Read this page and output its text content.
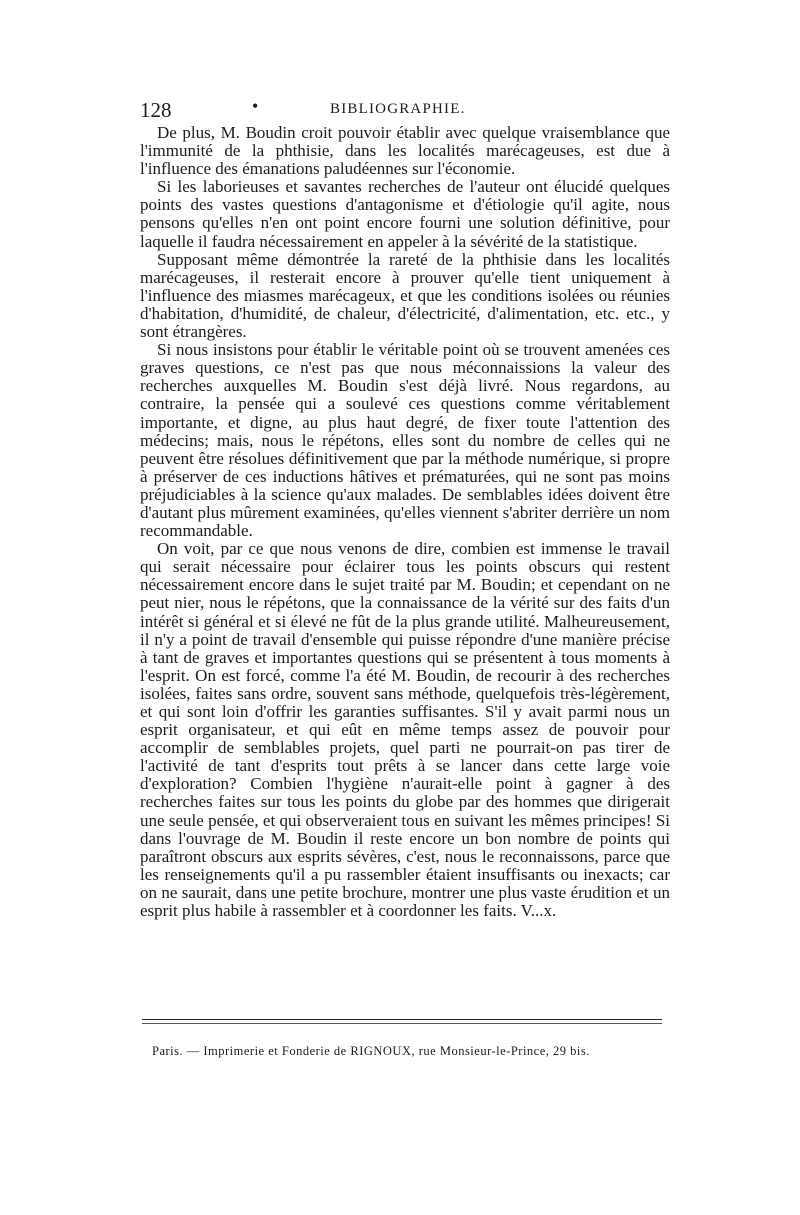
128	•	BIBLIOGRAPHIE.

De plus, M. Boudin croit pouvoir établir avec quelque vraisemblance que l'immunité de la phthisie, dans les localités marécageuses, est due à l'influence des émanations paludéennes sur l'économie.

Si les laborieuses et savantes recherches de l'auteur ont élucidé quelques points des vastes questions d'antagonisme et d'étiologie qu'il agite, nous pensons qu'elles n'en ont point encore fourni une solution définitive, pour laquelle il faudra nécessairement en appeler à la sévérité de la statistique.

Supposant même démontrée la rareté de la phthisie dans les localités marécageuses, il resterait encore à prouver qu'elle tient uniquement à l'influence des miasmes marécageux, et que les conditions isolées ou réunies d'habitation, d'humidité, de chaleur, d'électricité, d'alimentation, etc. etc., y sont étrangères.

Si nous insistons pour établir le véritable point où se trouvent amenées ces graves questions, ce n'est pas que nous méconnaissions la valeur des recherches auxquelles M. Boudin s'est déjà livré. Nous regardons, au contraire, la pensée qui a soulevé ces questions comme véritablement importante, et digne, au plus haut degré, de fixer toute l'attention des médecins; mais, nous le répétons, elles sont du nombre de celles qui ne peuvent être résolues définitivement que par la méthode numérique, si propre à préserver de ces inductions hâtives et prématurées, qui ne sont pas moins préjudiciables à la science qu'aux malades. De semblables idées doivent être d'autant plus mûrement examinées, qu'elles viennent s'abriter derrière un nom recommandable.

On voit, par ce que nous venons de dire, combien est immense le travail qui serait nécessaire pour éclairer tous les points obscurs qui restent nécessairement encore dans le sujet traité par M. Boudin; et cependant on ne peut nier, nous le répétons, que la connaissance de la vérité sur des faits d'un intérêt si général et si élevé ne fût de la plus grande utilité. Malheureusement, il n'y a point de travail d'ensemble qui puisse répondre d'une manière précise à tant de graves et importantes questions qui se présentent à tous moments à l'esprit. On est forcé, comme l'a été M. Boudin, de recourir à des recherches isolées, faites sans ordre, souvent sans méthode, quelquefois très-légèrement, et qui sont loin d'offrir les garanties suffisantes. S'il y avait parmi nous un esprit organisateur, et qui eût en même temps assez de pouvoir pour accomplir de semblables projets, quel parti ne pourrait-on pas tirer de l'activité de tant d'esprits tout prêts à se lancer dans cette large voie d'exploration? Combien l'hygiène n'aurait-elle point à gagner à des recherches faites sur tous les points du globe par des hommes que dirigerait une seule pensée, et qui observeraient tous en suivant les mêmes principes! Si dans l'ouvrage de M. Boudin il reste encore un bon nombre de points qui paraîtront obscurs aux esprits sévères, c'est, nous le reconnaissons, parce que les renseignements qu'il a pu rassembler étaient insuffisants ou inexacts; car on ne saurait, dans une petite brochure, montrer une plus vaste érudition et un esprit plus habile à rassembler et à coordonner les faits. V...x.

Paris. — Imprimerie et Fonderie de RIGNOUX, rue Monsieur-le-Prince, 29 bis.
